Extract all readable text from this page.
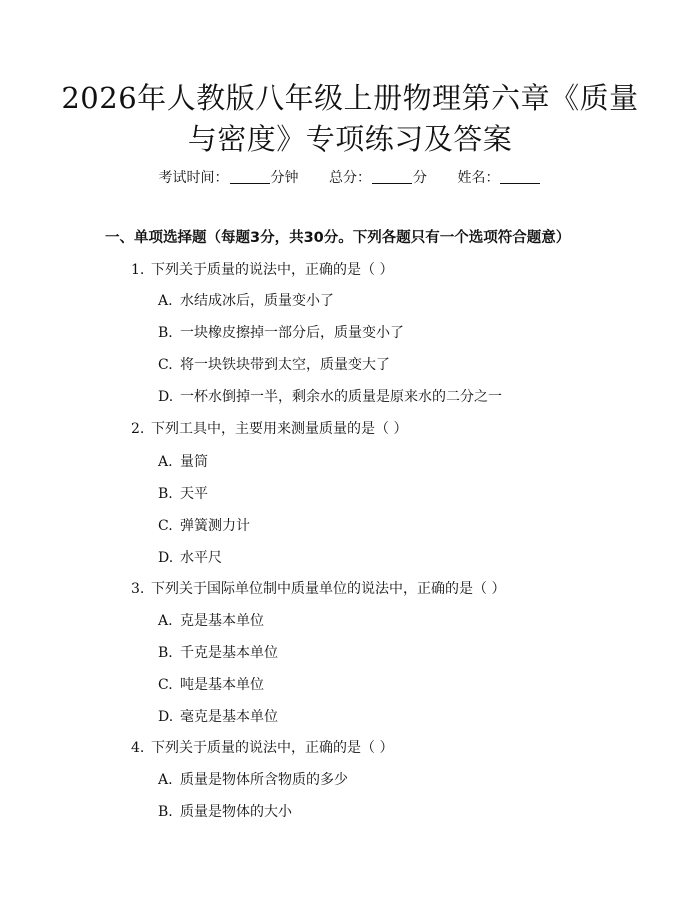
2026年人教版八年级上册物理第六章《质量
与密度》专项练习及答案
考试时间：	分钟 总分：	分 姓名：
一、单项选择题（每题3分，共30分。下列各题只有一个选项符合题意）
1. 下列关于质量的说法中，正确的是（ ）
A. 水结成冰后，质量变小了
B. 一块橡皮擦掉一部分后，质量变小了
C. 将一块铁块带到太空，质量变大了
D. 一杯水倒掉一半，剩余水的质量是原来水的二分之一
2. 下列工具中，主要用来测量质量的是（ ）
A. 量筒
B. 天平
C. 弹簧测力计
D. 水平尺
3. 下列关于国际单位制中质量单位的说法中，正确的是（ ）
A. 克是基本单位
B. 千克是基本单位
C. 吨是基本单位
D. 毫克是基本单位
4. 下列关于质量的说法中，正确的是（ ）
A. 质量是物体所含物质的多少
B. 质量是物体的大小
